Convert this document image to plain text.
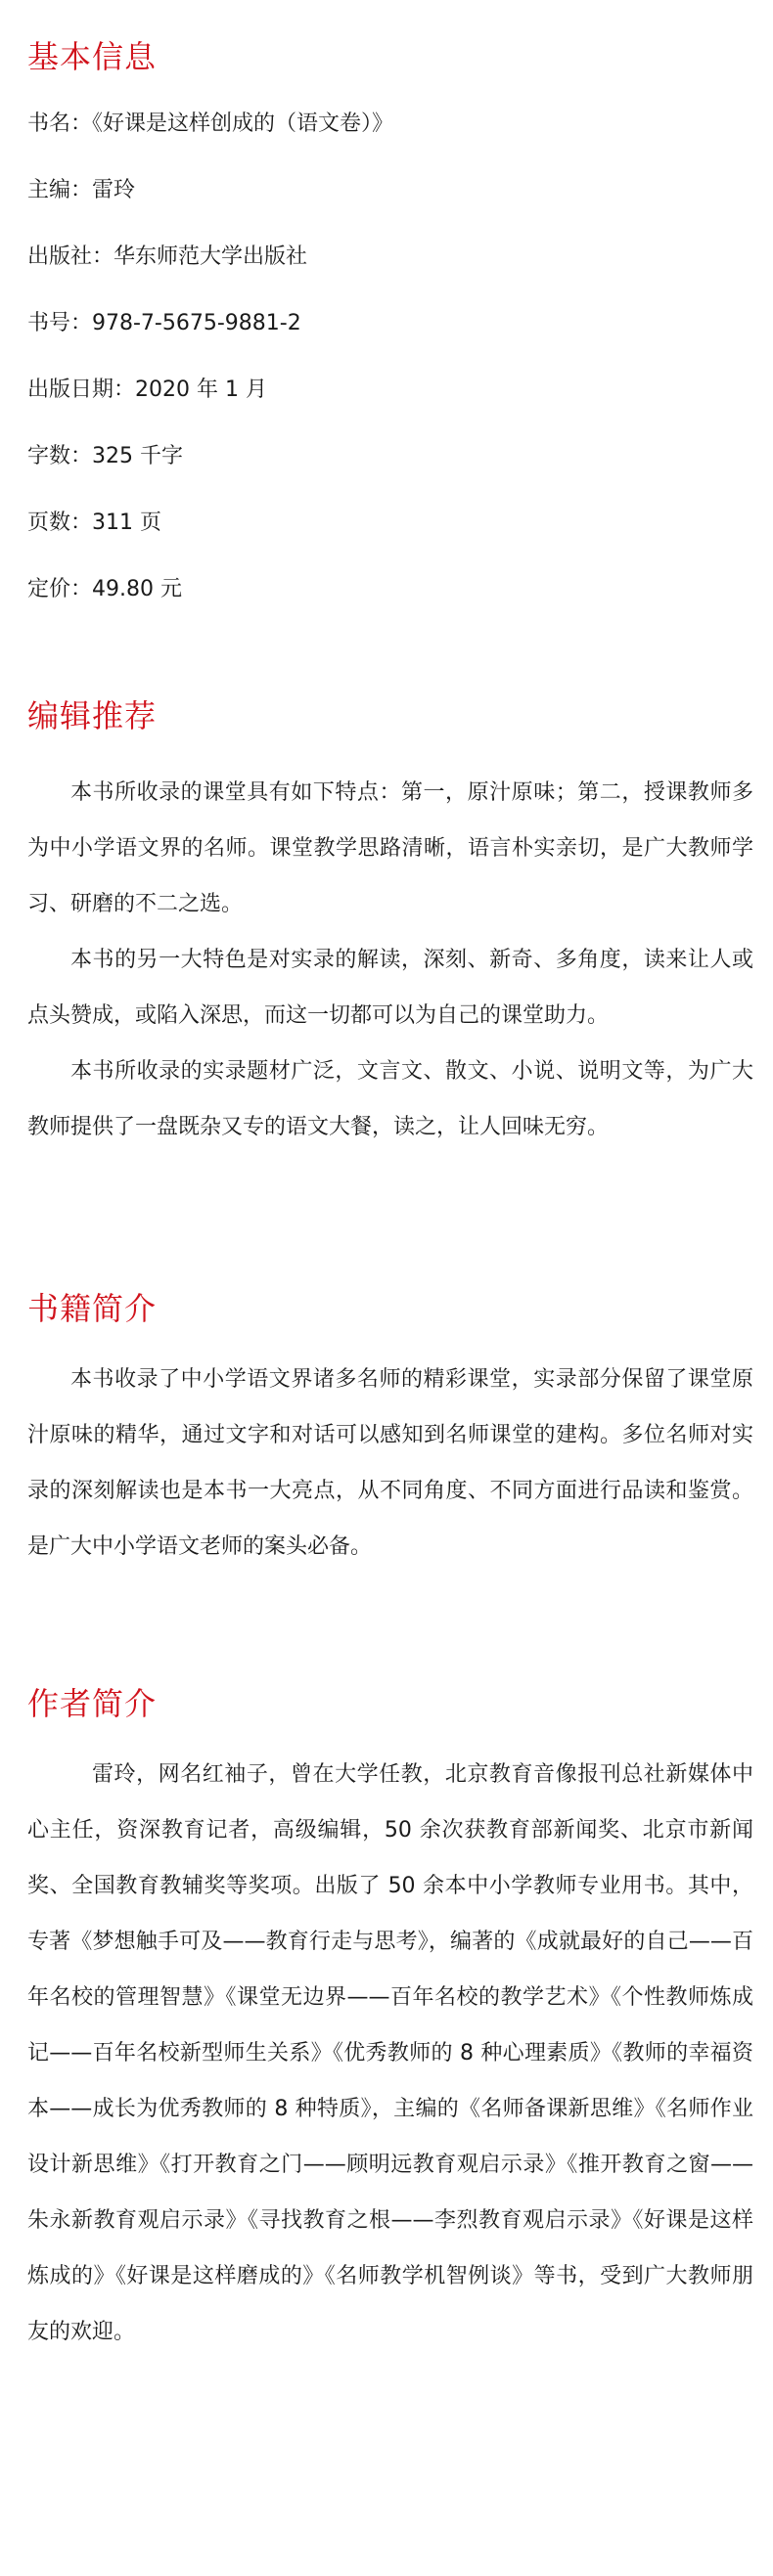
基本信息

书名：《好课是这样创成的（语文卷）》

主编：雷玲

出版社：华东师范大学出版社

书号：978-7-5675-9881-2

出版日期：2020 年 1 月

字数：325 千字

页数：311 页

定价：49.80 元

编辑推荐

本书所收录的课堂具有如下特点：第一，原汁原味；第二，授课教师多为中小学语文界的名师。课堂教学思路清晰，语言朴实亲切，是广大教师学习、研磨的不二之选。

本书的另一大特色是对实录的解读，深刻、新奇、多角度，读来让人或点头赞成，或陷入深思，而这一切都可以为自己的课堂助力。

本书所收录的实录题材广泛，文言文、散文、小说、说明文等，为广大教师提供了一盘既杂又专的语文大餐，读之，让人回味无穷。

书籍简介

本书收录了中小学语文界诸多名师的精彩课堂，实录部分保留了课堂原汁原味的精华，通过文字和对话可以感知到名师课堂的建构。多位名师对实录的深刻解读也是本书一大亮点，从不同角度、不同方面进行品读和鉴赏。是广大中小学语文老师的案头必备。

作者简介

雷玲，网名红袖子，曾在大学任教，北京教育音像报刊总社新媒体中心主任，资深教育记者，高级编辑，50 余次获教育部新闻奖、北京市新闻奖、全国教育教辅奖等奖项。出版了 50 余本中小学教师专业用书。其中，专著《梦想触手可及——教育行走与思考》，编著的《成就最好的自己——百年名校的管理智慧》《课堂无边界——百年名校的教学艺术》《个性教师炼成记——百年名校新型师生关系》《优秀教师的 8 种心理素质》《教师的幸福资本——成长为优秀教师的 8 种特质》，主编的《名师备课新思维》《名师作业设计新思维》《打开教育之门——顾明远教育观启示录》《推开教育之窗——朱永新教育观启示录》《寻找教育之根——李烈教育观启示录》《好课是这样炼成的》《好课是这样磨成的》《名师教学机智例谈》等书，受到广大教师朋友的欢迎。
